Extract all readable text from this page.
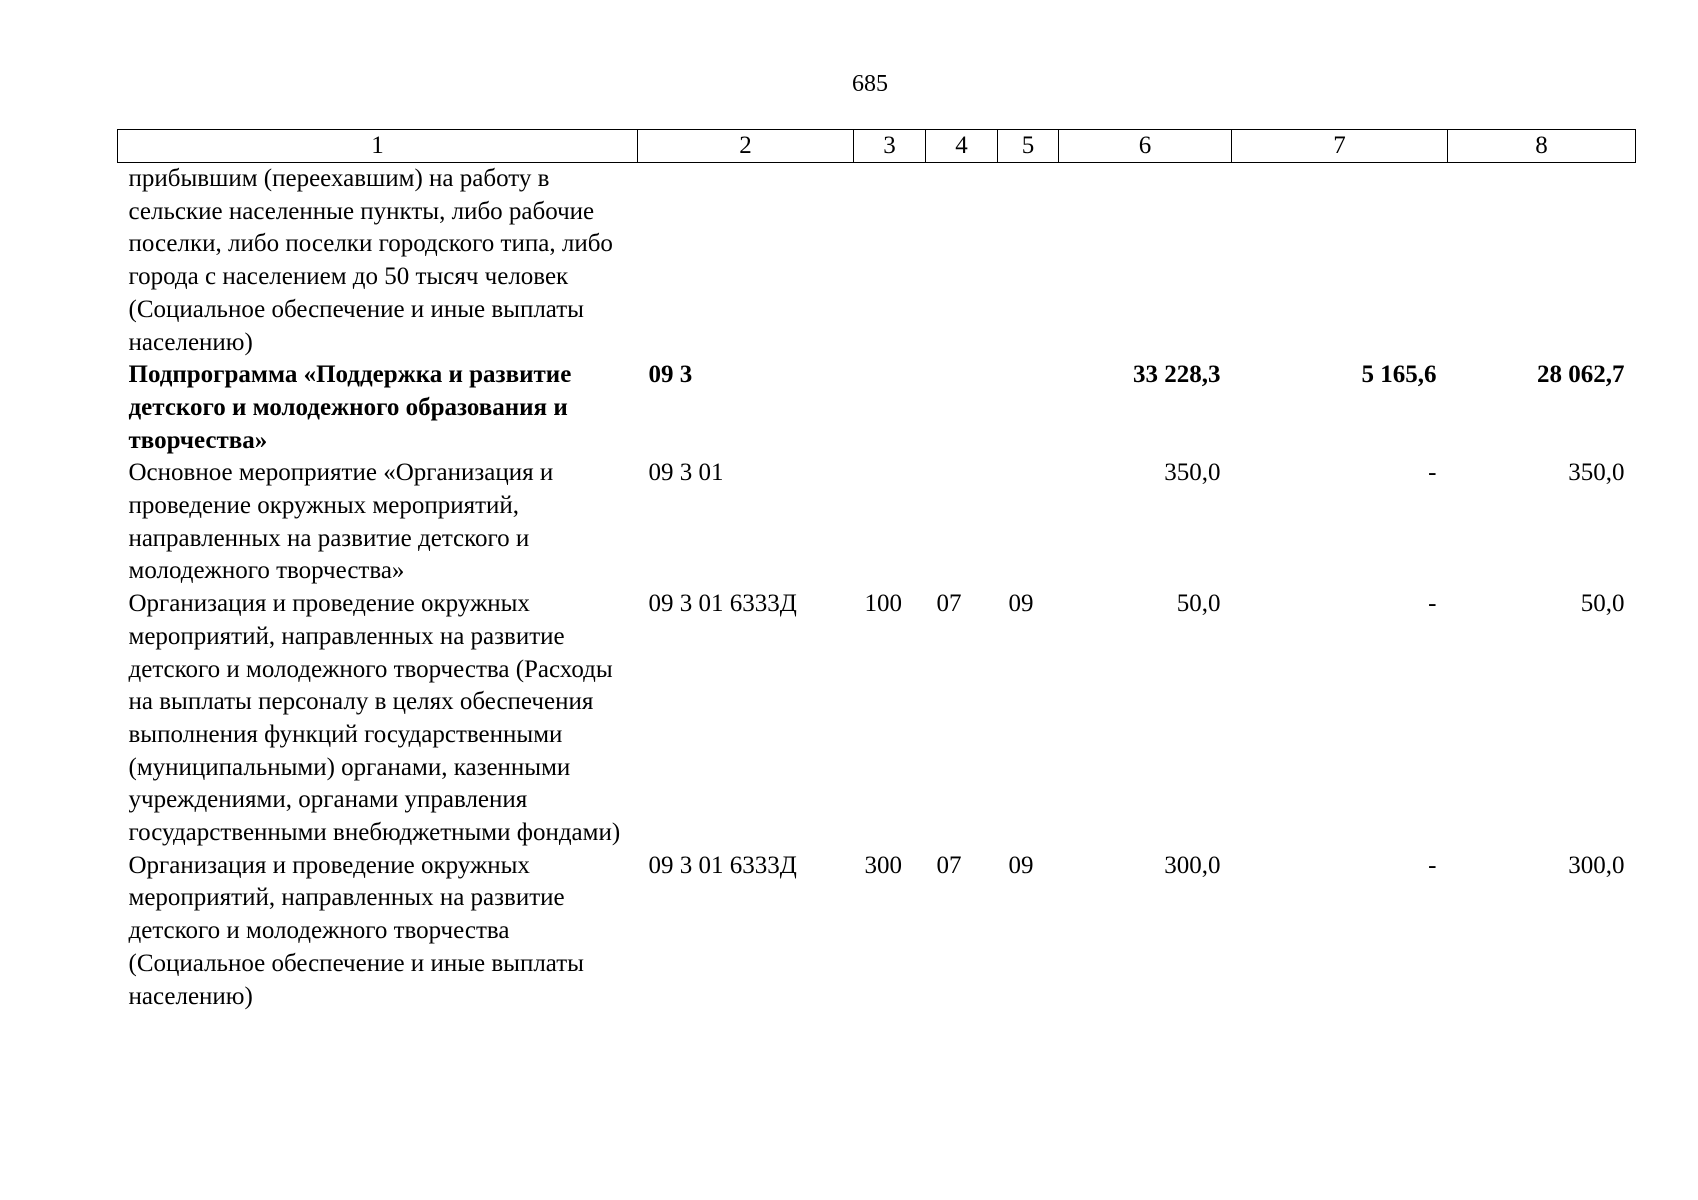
685
1	2	3	4	5	6	7	8
прибывшим (переехавшим) на работу в сельские населенные пункты, либо рабочие поселки, либо поселки городского типа, либо города с населением до 50 тысяч человек (Социальное обеспечение и иные выплаты населению)							
Подпрограмма «Поддержка и развитие детского и молодежного образования и творчества»	09 3				33 228,3	5 165,6	28 062,7
Основное мероприятие «Организация и проведение окружных мероприятий, направленных на развитие детского и молодежного творчества»	09 3 01				350,0	-	350,0
Организация и проведение окружных мероприятий, направленных на развитие детского и молодежного творчества (Расходы на выплаты персоналу в целях обеспечения выполнения функций государственными (муниципальными) органами, казенными учреждениями, органами управления государственными внебюджетными фондами)	09 3 01 6333Д	100	07	09	50,0	-	50,0
Организация и проведение окружных мероприятий, направленных на развитие детского и молодежного творчества (Социальное обеспечение и иные выплаты населению)	09 3 01 6333Д	300	07	09	300,0	-	300,0
